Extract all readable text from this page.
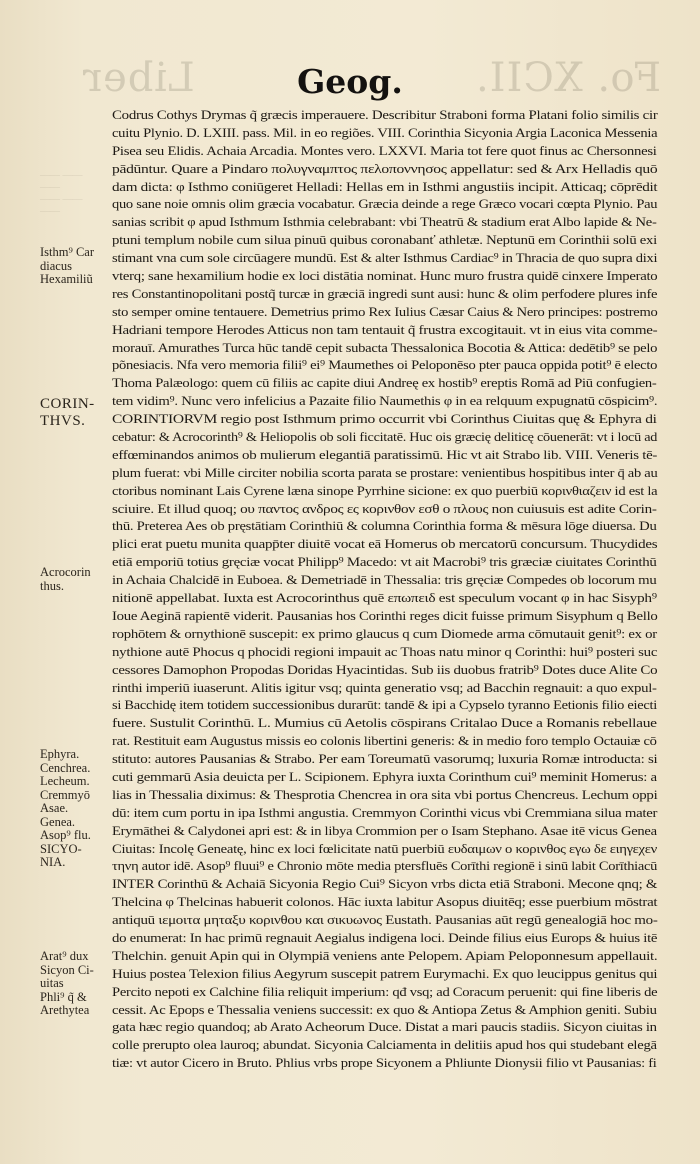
Liber	Fo. XCII.
Geog.
—— ——
——
—— ——
——
Isthm⁹ Car
diacus
Hexamiliũ
CORIN-
THVS.
Acrocorin
thus.
Ephyra.
Cenchrea.
Lecheum.
Cremmyō
Asae.
Genea.
Asop⁹ flu.
SICYO-
NIA.
Arat⁹ dux
Sicyon Ci-
uitas
Phli⁹ q̃ &
Arethytea

Codrus Cothys Drymas q̃ græcis imperauere. Describitur Straboni forma Platani folio similis cir

cuitu Plynio. D. LXIII. pass. Mil. in eo regiões. VIII. Corinthia Sicyonia Argia Laconica Messenia

Pisea seu Elidis. Achaia Arcadia. Montes vero. LXXVI. Maria tot fere quot finus ac Chersonnesi

pādūntur. Quare a Pindaro πολυγναμπτος πελοποννησος appellatur: sed & Arx Helladis quō

dam dicta: φ Isthmo coniūgeret Helladi: Hellas em in Isthmi angustiis incipit. Atticaq; cōprēdit

quo sane noie omnis olim græcia vocabatur. Græcia deinde a rege Græco vocari cœpta Plynio. Pau

sanias scribit φ apud Isthmum Isthmia celebrabant: vbi Theatrū & stadium erat Albo lapide & Ne-

ptuni templum nobile cum silua pinuū quibus coronabanť athletæ. Neptunū em Corinthii solū exi

stimant vna cum sole circūagere mundū. Est & alter Isthmus Cardiac⁹ in Thracia de quo supra dixi

vterq; sane hexamilium hodie ex loci distātia nominat. Hunc muro frustra quidē cinxere Imperato

res Constantinopolitani postq̃ turcæ in græciā ingredi sunt ausi: hunc & olim perfodere plures infe

sto semper omine tentauere. Demetrius primo Rex Iulius Cæsar Caius & Nero principes: postremo

Hadriani tempore Herodes Atticus non tam tentauit q̃ frustra excogitauit. vt in eius vita comme-

morauī. Amurathes Turca hūc tandē cepit subacta Thessalonica Bocotia & Attica: dedētib⁹ se pelo

põnesiacis. Nfa vero memoria filii⁹ ei⁹ Maumethes oi Peloponēso pter pauca oppida potit⁹ ē electo

Thoma Palæologo: quem cū filiis ac capite diui Andreę ex hostib⁹ ereptis Romā ad Piū confugien-

tem vidim⁹. Nunc vero infelicius a Pazaite filio Naumethis φ in ea relquum expugnatū cōspicim⁹.

CORINTIORVM regio post Isthmum primo occurrit vbi Corinthus Ciuitas quę & Ephyra di

cebatur: & Acrocorinth⁹ & Heliopolis ob soli ficcitatē. Huc ois græcię deliticę cōuenerāt: vt i locū ad

effœminandos animos ob mulierum elegantiā paratissimū. Hic vt ait Strabo lib. VIII. Veneris tē-

plum fuerat: vbi Mille circiter nobilia scorta parata se prostare: venientibus hospitibus inter q̄ ab au

ctoribus nominant Lais Cyrene læna sinope Pyrrhine sicione: ex quo puerbiū κορινθιαζειν id est la

sciuire. Et illud quoq; ου παντος ανδρος ες κορινθον εσθ ο πλους non cuiusuis est adite Corin-

thū. Preterea Aes ob pręstātiam Corinthiū & columna Corinthia forma & mēsura lōge diuersa. Du

plici erat puetu munita quapp̄ter diuitē vocat eā Homerus ob mercatorū concursum. Thucydides

etiā emporiū totius gręciæ vocat Philipp⁹ Macedo: vt ait Macrobi⁹ tris græciæ ciuitates Corinthū

in Achaia Chalcidē in Euboea. & Demetriadē in Thessalia: tris gręciæ Compedes ob locorum mu

nitionē appellabat. Iuxta est Acrocorinthus quē επωπειδ est speculum vocant φ in hac Sisyph⁹

Ioue Aeginā rapientē viderit. Pausanias hos Corinthi reges dicit fuisse primum Sisyphum q Bello

rophōtem & ornythionē suscepit: ex primo glaucus q cum Diomede arma cōmutauit genit⁹: ex or

nythione autē Phocus q phocidi regioni impauit ac Thoas natu minor q Corinthi: hui⁹ posteri suc

cessores Damophon Propodas Doridas Hyacintidas. Sub iis duobus fratrib⁹ Dotes duce Alite Co

rinthi imperiū iuaserunt. Alitis igitur vsq; quinta generatio vsq; ad Bacchin regnauit: a quo expul-

si Bacchidę item totidem successionibus durarūt: tandē & ipi a Cypselo tyranno Eetionis filio eiecti

fuere. Sustulit Corinthū. L. Mumius cū Aetolis cōspirans Critalao Duce a Romanis rebellaue

rat. Restituit eam Augustus missis eo colonis libertini generis: & in medio foro templo Octauiæ cō

stituto: autores Pausanias & Strabo. Per eam Toreumatū vasorumq; luxuria Romæ introducta: si

cuti gemmarū Asia deuicta per L. Scipionem. Ephyra iuxta Corinthum cui⁹ meminit Homerus: a

lias in Thessalia diximus: & Thesprotia Chencrea in ora sita vbi portus Chencreus. Lechum oppi

dū: item cum portu in ipa Isthmi angustia. Cremmyon Corinthi vicus vbi Cremmiana silua mater

Erymāthei & Calydonei apri est: & in libya Crommion per o Isam Stephano. Asae itē vicus Genea

Ciuitas: Incolę Geneatę, hinc ex loci fœlicitate natū puerbiū ευδαιμων ο κορινθος εγω δε ειηγεχεν

τηνη autor idē. Asop⁹ fluui⁹ e Chronio mōte media ptersfluēs Corīthi regionē i sinū labit Corīthiacū

INTER Corinthū & Achaiā Sicyonia Regio Cui⁹ Sicyon vrbs dicta etiā Straboni. Mecone qnq; &

Thelcina φ Thelcinas habuerit colonos. Hāc iuxta labitur Asopus diuitēq; esse puerbium mōstrat

antiquū ιεμοιτα μηταξυ κορινθου και σικυωνος Eustath. Pausanias aūt regū genealogiā hoc mo-

do enumerat: In hac primū regnauit Aegialus indigena loci. Deinde filius eius Europs & huius itē

Thelchin. genuit Apin qui in Olympiā veniens ante Pelopem. Apiam Peloponnesum appellauit.

Huius postea Telexion filius Aegyrum suscepit patrem Eurymachi. Ex quo leucippus genitus qui

Percito nepoti ex Calchine filia reliquit imperium: qđ vsq; ad Coracum peruenit: qui fine liberis de

cessit. Ac Epops e Thessalia veniens successit: ex quo & Antiopa Zetus & Amphion geniti. Subiu

gata hæc regio quandoq; ab Arato Acheorum Duce. Distat a mari paucis stadiis. Sicyon ciuitas in

colle prerupto olea lauroq; abundat. Sicyonia Calciamenta in delitiis apud hos qui studebant elegā

tiæ: vt autor Cicero in Bruto. Phlius vrbs prope Sicyonem a Phliunte Dionysii filio vt Pausanias: fi
